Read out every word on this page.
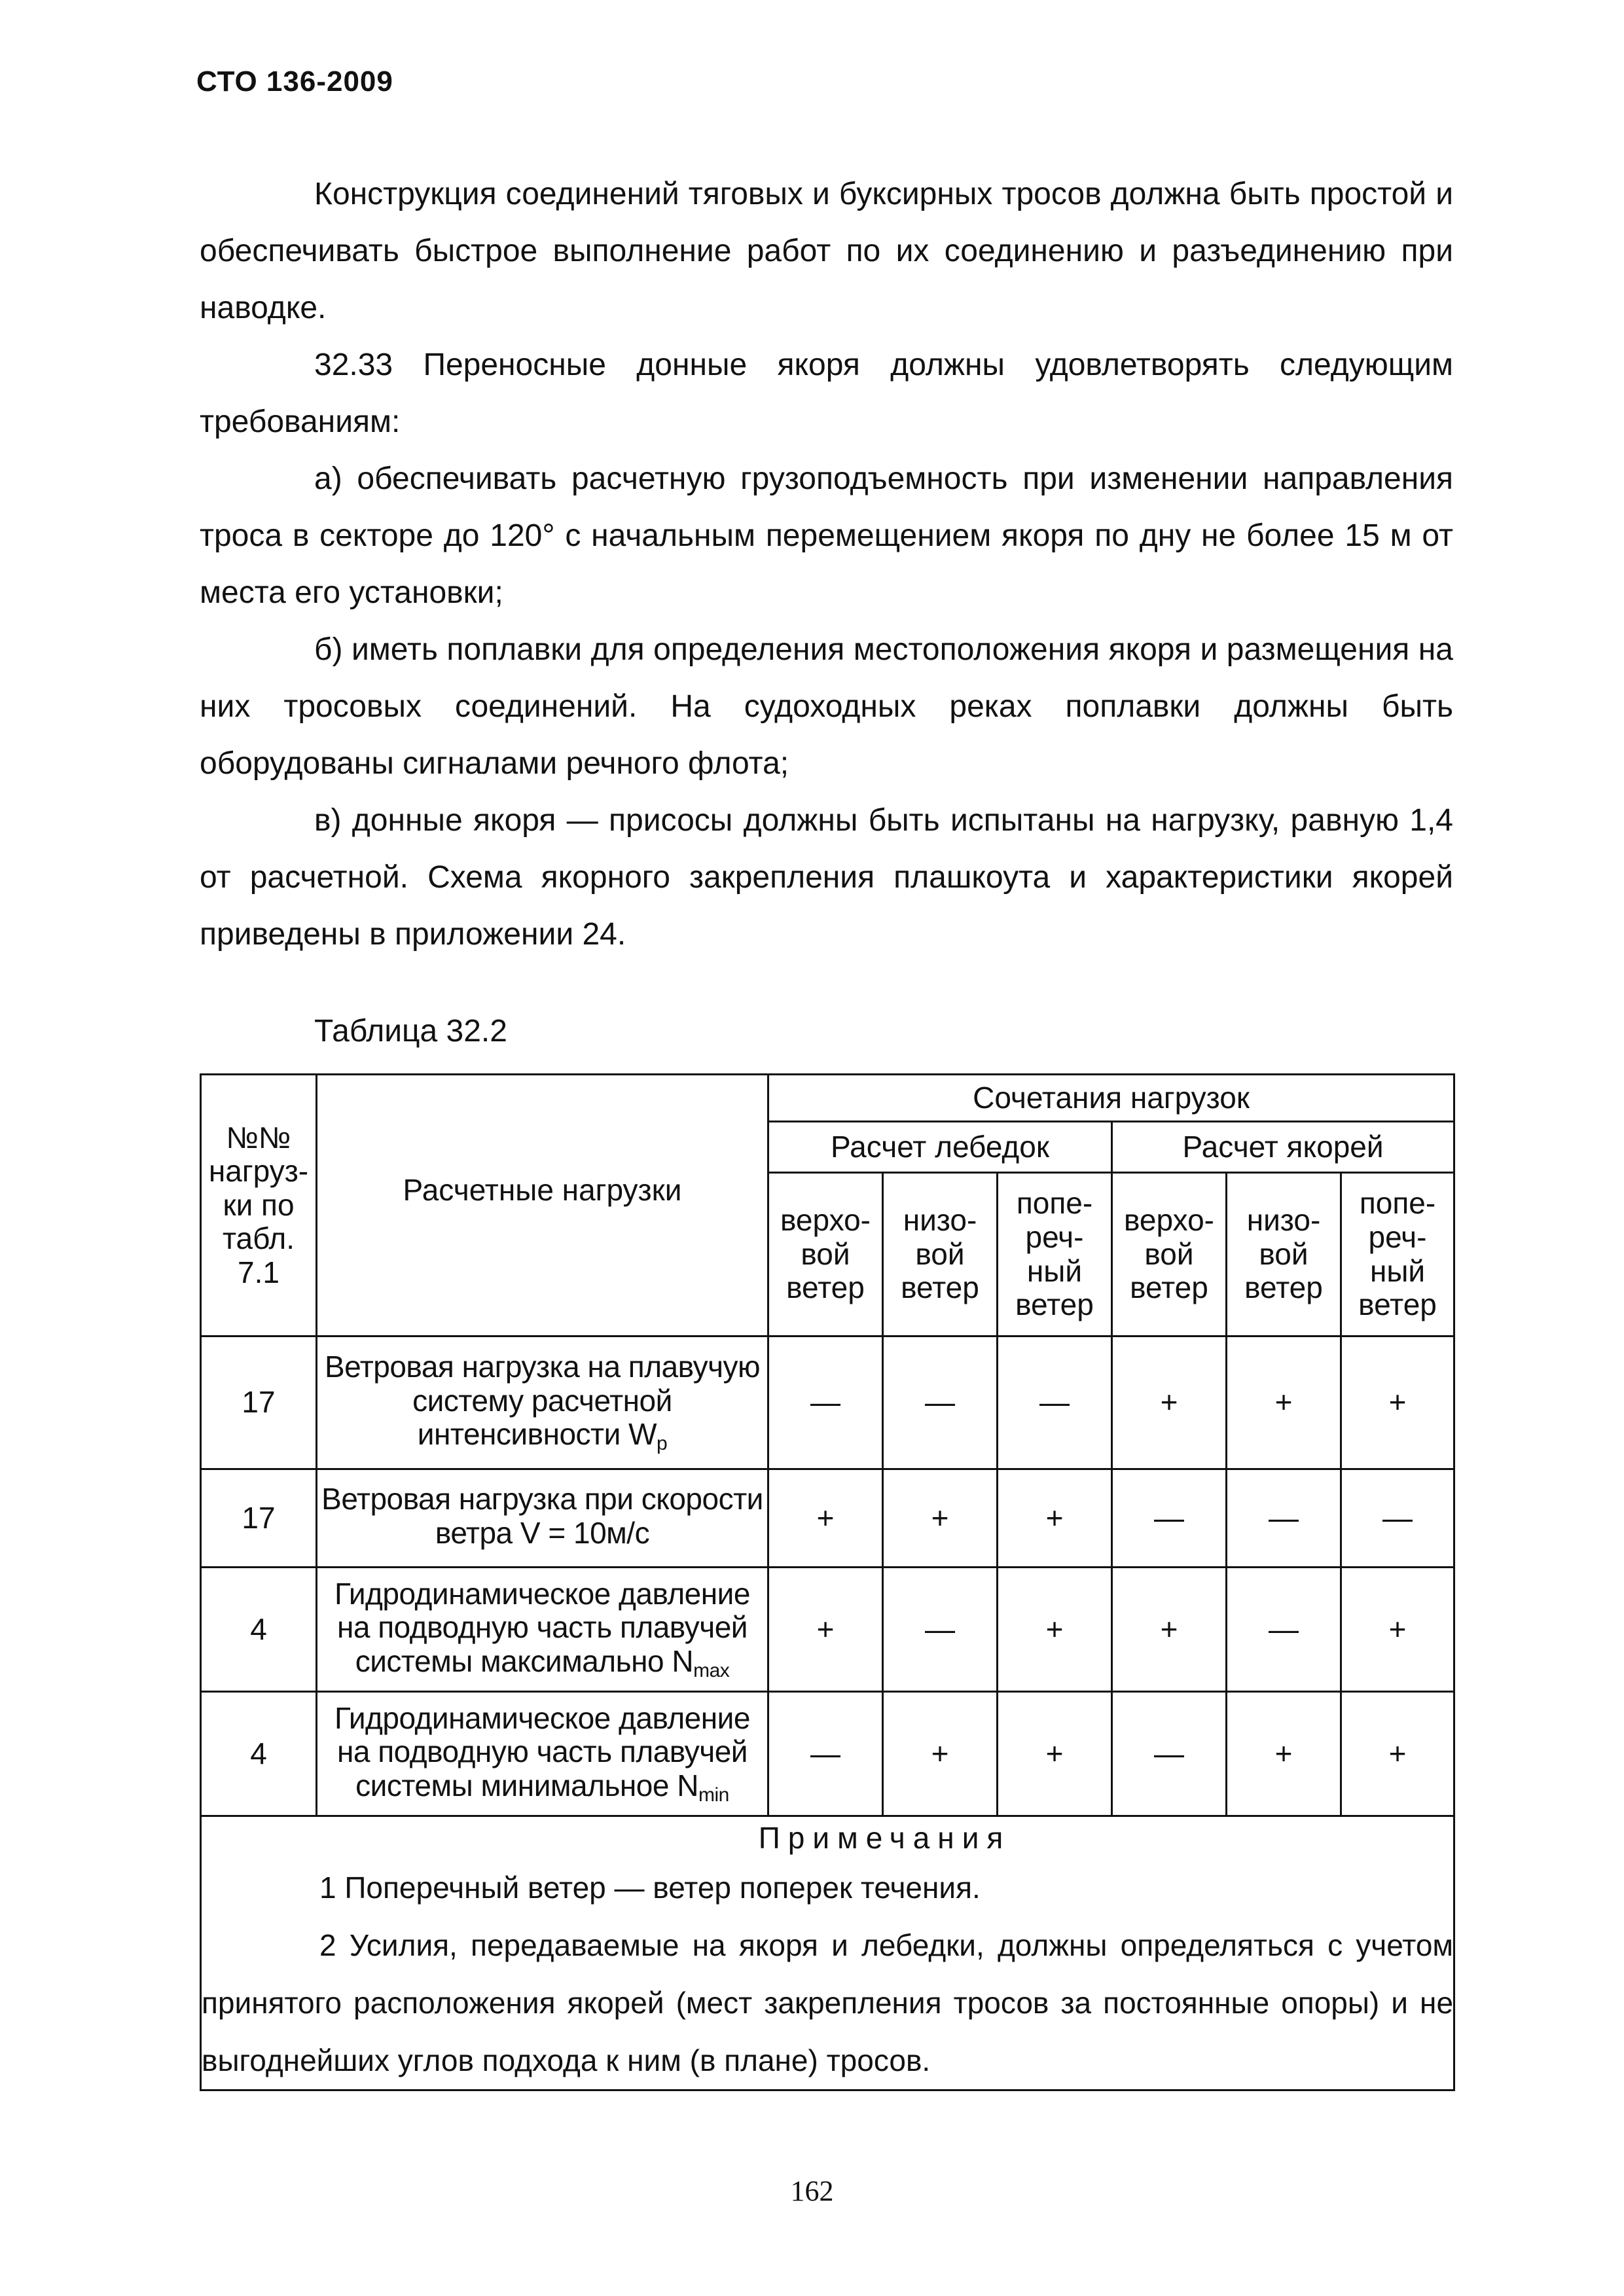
СТО 136-2009

Конструкция соединений тяговых и буксирных тросов должна быть простой и обеспечивать быстрое выполнение работ по их соединению и разъединению при наводке.

32.33 Переносные донные якоря должны удовлетворять следующим требованиям:

а) обеспечивать расчетную грузоподъемность при изменении направления троса в секторе до 120° с начальным перемещением якоря по дну не более 15 м от места его установки;

б) иметь поплавки для определения местоположения якоря и размещения на них тросовых соединений. На судоходных реках поплавки должны быть оборудованы сигналами речного флота;

в) донные якоря — присосы должны быть испытаны на нагрузку, равную 1,4 от расчетной. Схема якорного закрепления плашкоута и характеристики якорей приведены в приложении 24.

Таблица 32.2
№№ нагруз- ки по табл. 7.1	Расчетные нагрузки	Сочетания нагрузок					
		Расчет лебедок			Расчет якорей		
		верхо- вой ветер	низо- вой ветер	попе- реч- ный ветер	верхо- вой ветер	низо- вой ветер	попе- реч- ный ветер
17	Ветровая нагрузка на плавучую систему расчетной интенсивности $W_p$	—	—	—	+	+	+
17	Ветровая нагрузка при скорости ветра V = 10м/с	+	+	+	—	—	—
4	Гидродинамическое давление на подводную часть плавучей системы максимально $N_{max}$	+	—	+	+	—	+
4	Гидродинамическое давление на подводную часть плавучей системы минимальное $N_{min}$	—	+	+	—	+	+

Примечания
1 Поперечный ветер — ветер поперек течения.
2 Усилия, передаваемые на якоря и лебедки, должны определяться с учетом принятого расположения якорей (мест закрепления тросов за постоянные опоры) и не выгоднейших углов подхода к ним (в плане) тросов.							
162
